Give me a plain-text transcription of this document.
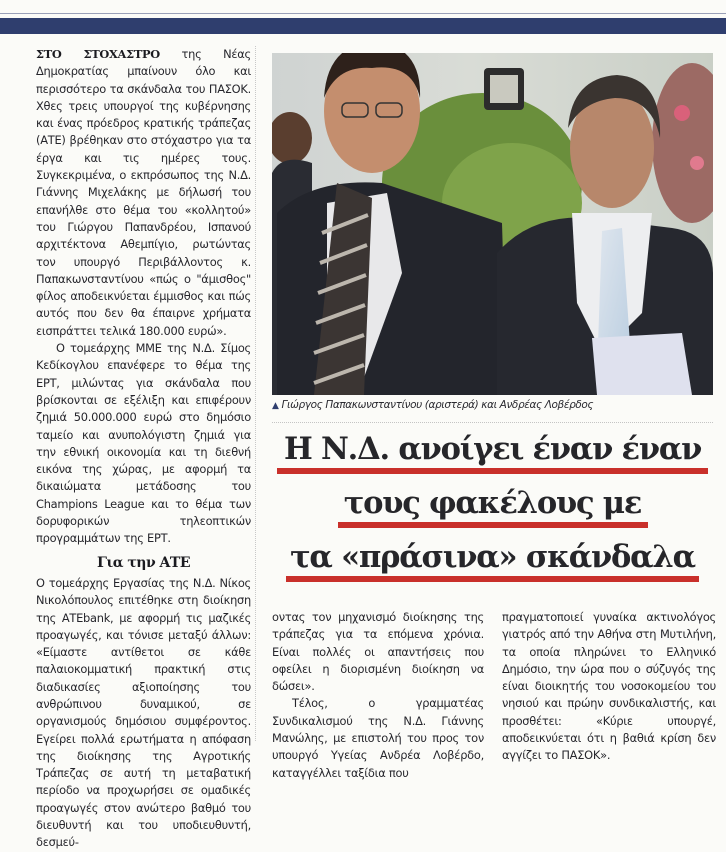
ΣΤΟ ΣΤΟΧΑΣΤΡΟ της Νέας Δημοκρατίας μπαίνουν όλο και περισσότερο τα σκάνδαλα του ΠΑΣΟΚ. Χθες τρεις υπουργοί της κυβέρνησης και ένας πρόεδρος κρατικής τράπεζας (ΑΤΕ) βρέθηκαν στο στόχαστρο για τα έργα και τις ημέρες τους. Συγκεκριμένα, ο εκπρόσωπος της Ν.Δ. Γιάννης Μιχελάκης με δήλωσή του επανήλθε στο θέμα του «κολλητού» του Γιώργου Παπανδρέου, Ισπανού αρχιτέκτονα Αθεμπίγιο, ρωτώντας τον υπουργό Περιβάλλοντος κ. Παπακωνσταντίνου «πώς ο "άμισθος" φίλος αποδεικνύεται έμμισθος και πώς αυτός που δεν θα έπαιρνε χρήματα εισπράττει τελικά 180.000 ευρώ».

Ο τομεάρχης ΜΜΕ της Ν.Δ. Σίμος Κεδίκογλου επανέφερε το θέμα της ΕΡΤ, μιλώντας για σκάνδαλα που βρίσκονται σε εξέλιξη και επιφέρουν ζημιά 50.000.000 ευρώ στο δημόσιο ταμείο και ανυπολόγιστη ζημιά για την εθνική οικονομία και τη διεθνή εικόνα της χώρας, με αφορμή τα δικαιώματα μετάδοσης του Champions League και το θέμα των δορυφορικών τηλεοπτικών προγραμμάτων της ΕΡΤ.

Για την ΑΤΕ

Ο τομεάρχης Εργασίας της Ν.Δ. Νίκος Νικολόπουλος επιτέθηκε στη διοίκηση της ΑΤΕbank, με αφορμή τις μαζικές προαγωγές, και τόνισε μεταξύ άλλων: «Είμαστε αντίθετοι σε κάθε παλαιοκομματική πρακτική στις διαδικασίες αξιοποίησης του ανθρώπινου δυναμικού, σε οργανισμούς δημόσιου συμφέροντος. Εγείρει πολλά ερωτήματα η απόφαση της διοίκησης της Αγροτικής Τράπεζας σε αυτή τη μεταβατική περίοδο να προχωρήσει σε ομαδικές προαγωγές στον ανώτερο βαθμό του διευθυντή και του υποδιευθυντή, δεσμεύ-

▲ Γιώργος Παπακωνσταντίνου (αριστερά) και Ανδρέας Λοβέρδος
Η Ν.Δ. ανοίγει έναν έναν
τους φακέλους με
τα «πράσινα» σκάνδαλα

οντας τον μηχανισμό διοίκησης της τράπεζας για τα επόμενα χρόνια. Είναι πολλές οι απαντήσεις που οφείλει η διορισμένη διοίκηση να δώσει».

Τέλος, ο γραμματέας Συνδικαλισμού της Ν.Δ. Γιάννης Μανώλης, με επιστολή του προς τον υπουργό Υγείας Ανδρέα Λοβέρδο, καταγγέλλει ταξίδια που

πραγματοποιεί γυναίκα ακτινολόγος γιατρός από την Αθήνα στη Μυτιλήνη, τα οποία πληρώνει το Ελληνικό Δημόσιο, την ώρα που ο σύζυγός της είναι διοικητής του νοσοκομείου του νησιού και πρώην συνδικαλιστής, και προσθέτει: «Κύριε υπουργέ, αποδεικνύεται ότι η βαθιά κρίση δεν αγγίζει το ΠΑΣΟΚ».
